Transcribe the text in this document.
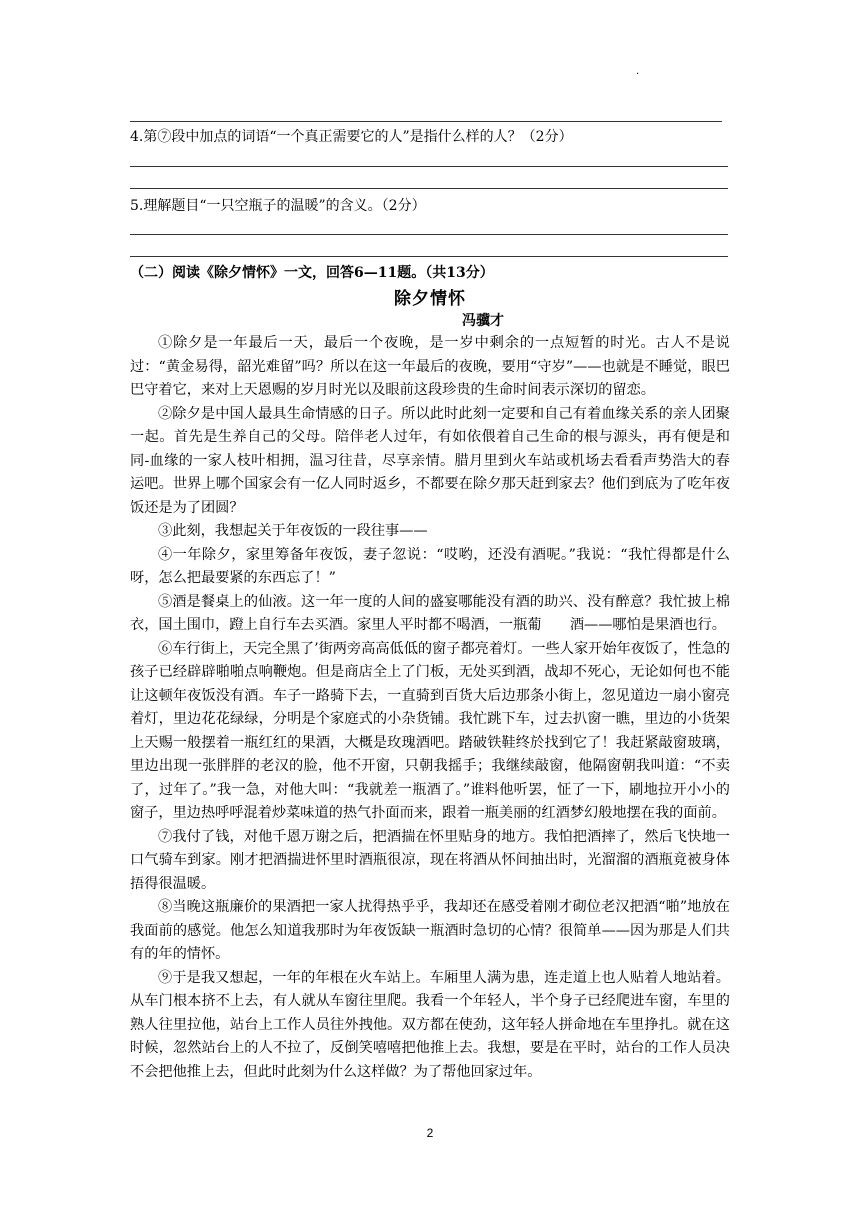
.
4.第⑦段中加点的词语“一个真正需要它的人”是指什么样的人？（2分）
5.理解题目“一只空瓶子的温暖”的含义。（2分）
（二）阅读《除夕情怀》一文，回答6—11题。（共13分）
除夕情怀
冯骥才

①除夕是一年最后一天，最后一个夜晚，是一岁中剩余的一点短暂的时光。古人不是说过：“黄金易得，韶光难留”吗？所以在这一年最后的夜晚，要用“守岁”——也就是不睡觉，眼巴巴守着它，来对上天恩赐的岁月时光以及眼前这段珍贵的生命时间表示深切的留恋。

②除夕是中国人最具生命情感的日子。所以此时此刻一定要和自己有着血缘关系的亲人团聚一起。首先是生养自己的父母。陪伴老人过年，有如依偎着自己生命的根与源头，再有便是和同-血缘的一家人枝叶相拥，温习往昔，尽享亲情。腊月里到火车站或机场去看看声势浩大的春运吧。世界上哪个国家会有一亿人同时返乡，不都要在除夕那天赶到家去？他们到底为了吃年夜饭还是为了团圆？

③此刻，我想起关于年夜饭的一段往事——

④一年除夕，家里筹备年夜饭，妻子忽说：“哎哟，还没有酒呢。”我说：“我忙得都是什么呀，怎么把最要紧的东西忘了！”

⑤酒是餐桌上的仙液。这一年一度的人间的盛宴哪能没有酒的助兴、没有醉意？我忙披上棉衣，国土围巾，蹬上自行车去买酒。家里人平时都不喝酒，一瓶葡　　酒——哪怕是果酒也行。

⑥车行街上，天完全黑了’街两旁高高低低的窗子都亮着灯。一些人家开始年夜饭了，性急的孩子已经辟辟啪啪点响鞭炮。但是商店全上了门板，无处买到酒，战却不死心，无论如何也不能让这顿年夜饭没有酒。车子一路骑下去，一直骑到百货大后边那条小街上，忽见道边一扇小窗亮着灯，里边花花绿绿，分明是个家庭式的小杂货铺。我忙跳下车，过去扒窗一瞧，里边的小货架上天赐一般摆着一瓶红红的果酒，大概是玫瑰酒吧。踏破铁鞋终於找到它了！我赶紧敲窗玻璃，里边出现一张胖胖的老汉的脸，他不开窗，只朝我摇手；我继续敲窗，他隔窗朝我叫道：“不卖了，过年了。”我一急，对他大叫：“我就差一瓶酒了。”谁料他听罢，怔了一下，刷地拉开小小的窗子，里边热呼呼混着炒菜味道的热气扑面而来，跟着一瓶美丽的红酒梦幻般地摆在我的面前。

⑦我付了钱，对他千恩万谢之后，把酒揣在怀里贴身的地方。我怕把酒摔了，然后飞快地一口气骑车到家。刚才把酒揣进怀里时酒瓶很凉，现在将酒从怀间抽出时，光溜溜的酒瓶竟被身体捂得很温暖。

⑧当晚这瓶廉价的果酒把一家人扰得热乎乎，我却还在感受着刚才砌位老汉把酒“啪”地放在我面前的感觉。他怎么知道我那时为年夜饭缺一瓶酒时急切的心情？很简单——因为那是人们共有的年的情怀。

⑨于是我又想起，一年的年根在火车站上。车厢里人满为患，连走道上也人贴着人地站着。从车门根本挤不上去，有人就从车窗往里爬。我看一个年轻人，半个身子已经爬进车窗，车里的熟人往里拉他，站台上工作人员往外拽他。双方都在使劲，这年轻人拼命地在车里挣扎。就在这时候，忽然站台上的人不拉了，反倒笑嘻嘻把他推上去。我想，要是在平时，站台的工作人员决不会把他推上去，但此时此刻为什么这样做？为了帮他回家过年。

2
